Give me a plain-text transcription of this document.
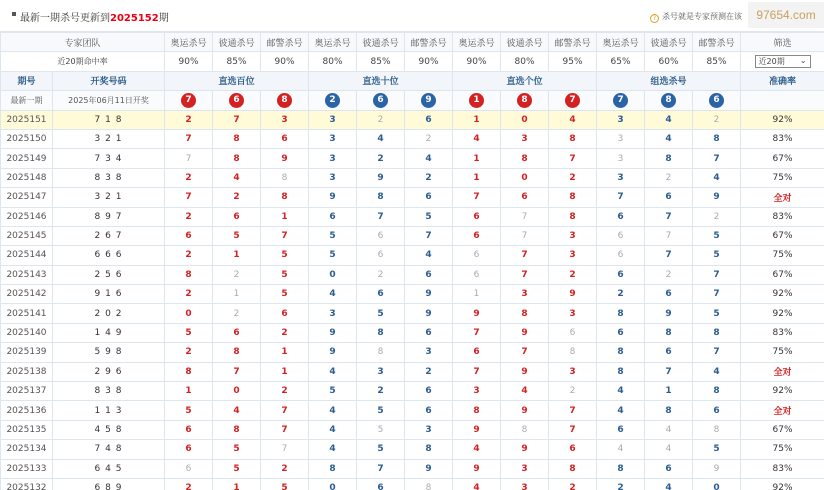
最新一期杀号更新到2025152期	? 杀号就是专家预测在该	97654.com
专家团队		奥运杀号	彼通杀号	邮警杀号	奥运杀号	彼通杀号	邮警杀号	奥运杀号	彼通杀号	邮警杀号	奥运杀号	彼通杀号	邮警杀号	筛选
近20期命中率		90%	85%	90%	80%	85%	90%	90%	80%	95%	65%	60%	85%	近20期 ⌄

期号	开奖号码	直选百位			直选十位			直选个位			组选杀号			准确率
最新一期	2025年06月11日开奖	7	6	8	2	6	9	1	8	7	7	8	6	
2025151	7 1 8	2	7	3	3	2	6	1	0	4	3	4	2	92%
2025150	3 2 1	7	8	6	3	4	2	4	3	8	3	4	8	83%
2025149	7 3 4	7	8	9	3	2	4	1	8	7	3	8	7	67%
2025148	8 3 8	2	4	8	3	9	2	1	0	2	3	2	4	75%
2025147	3 2 1	7	2	8	9	8	6	7	6	8	7	6	9	全对
2025146	8 9 7	2	6	1	6	7	5	6	7	8	6	7	2	83%
2025145	2 6 7	6	5	7	5	6	7	6	7	3	6	7	5	67%
2025144	6 6 6	2	1	5	5	6	4	6	7	3	6	7	5	75%
2025143	2 5 6	8	2	5	0	2	6	6	7	2	6	2	7	67%
2025142	9 1 6	2	1	5	4	6	9	1	3	9	2	6	7	92%
2025141	2 0 2	0	2	6	3	5	9	9	8	3	8	9	5	92%
2025140	1 4 9	5	6	2	9	8	6	7	9	6	6	8	8	83%
2025139	5 9 8	2	8	1	9	8	3	6	7	8	8	6	7	75%
2025138	2 9 6	8	7	1	4	3	2	7	9	3	8	7	4	全对
2025137	8 3 8	1	0	2	5	2	6	3	4	2	4	1	8	92%
2025136	1 1 3	5	4	7	4	5	6	8	9	7	4	8	6	全对
2025135	4 5 8	6	8	7	4	5	3	9	8	7	6	4	8	67%
2025134	7 4 8	6	5	7	4	5	8	4	9	6	4	4	5	75%
2025133	6 4 5	6	5	2	8	7	9	9	3	8	8	6	9	83%
2025132	6 8 9	2	1	5	0	6	8	4	3	2	2	4	0	92%
